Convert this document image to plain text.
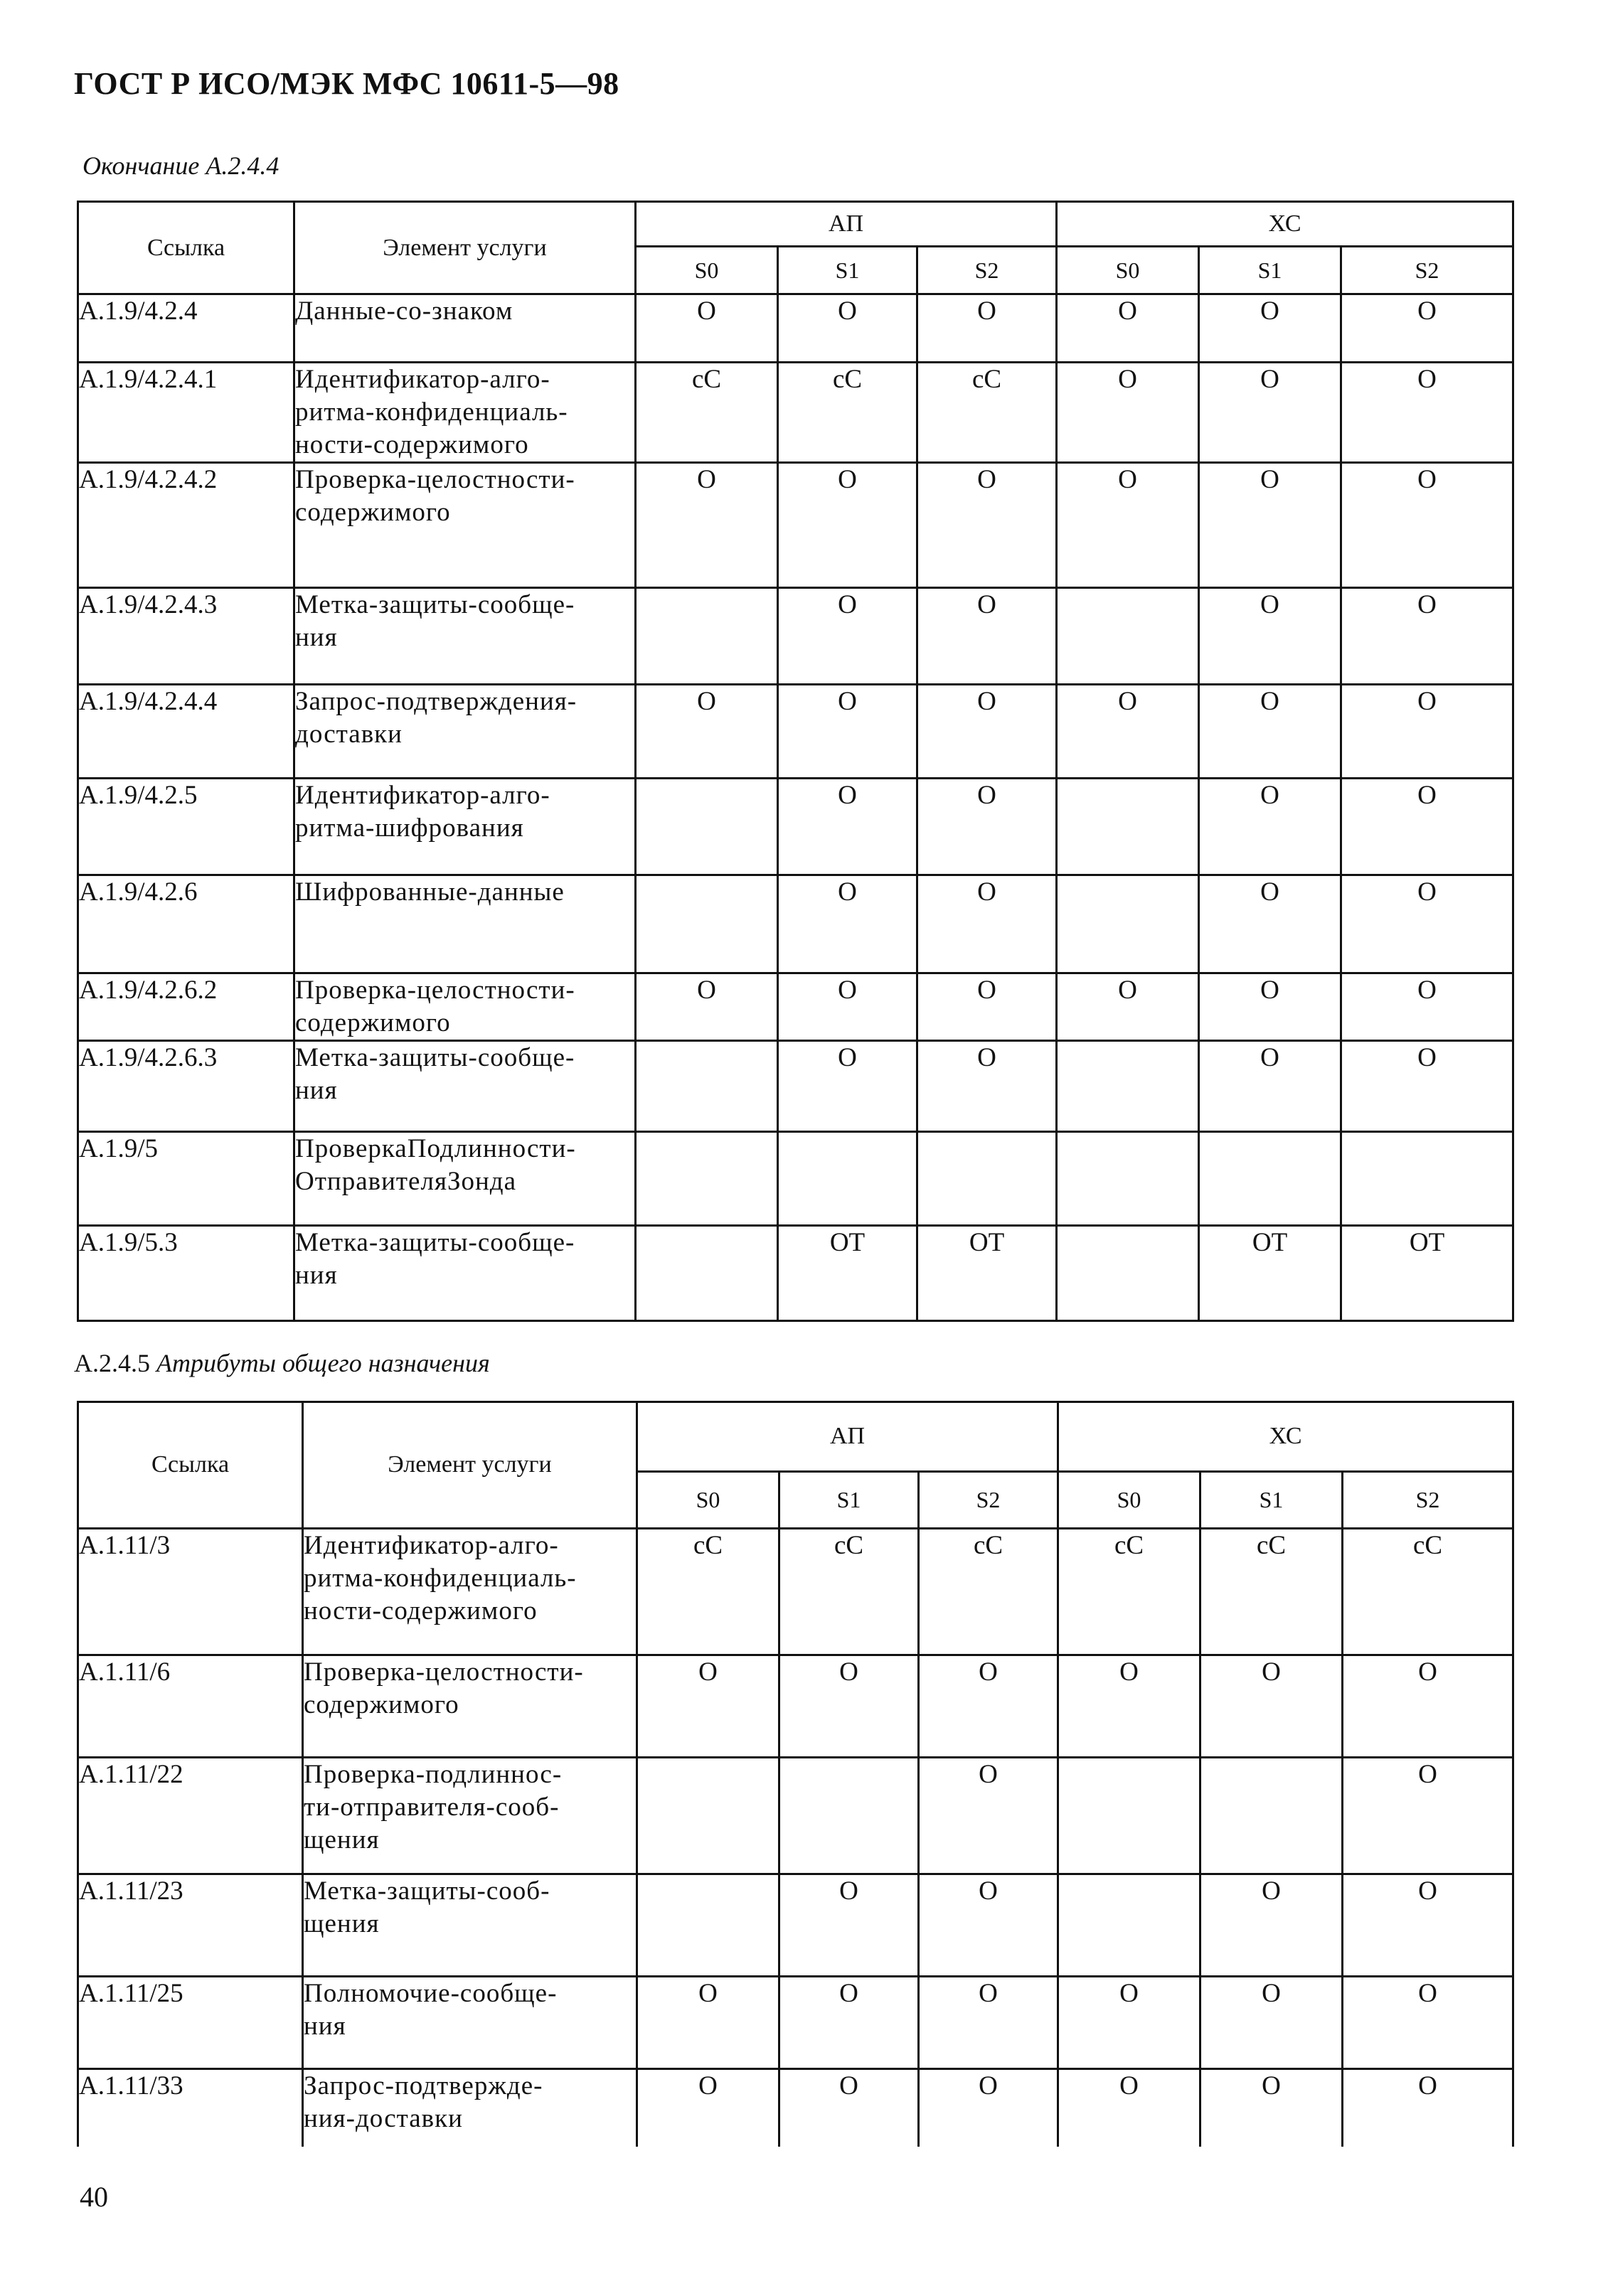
ГОСТ Р ИСО/МЭК МФС 10611-5—98
Окончание А.2.4.4
Ссылка	Элемент услуги	АП			ХС		
		S0	S1	S2	S0	S1	S2
А.1.9/4.2.4	Данные-со-знаком	O	O	O	O	O	O
А.1.9/4.2.4.1	Идентификатор-алго-
ритма-конфиденциаль-
ности-содержимого	cC	cC	cC	O	O	O
А.1.9/4.2.4.2	Проверка-целостности-
содержимого	O	O	O	O	O	O
А.1.9/4.2.4.3	Метка-защиты-сообще-
ния		O	O		O	O
А.1.9/4.2.4.4	Запрос-подтверждения-
доставки	O	O	O	O	O	O
А.1.9/4.2.5	Идентификатор-алго-
ритма-шифрования		O	O		O	O
А.1.9/4.2.6	Шифрованные-данные		O	O		O	O
А.1.9/4.2.6.2	Проверка-целостности-
содержимого	O	O	O	O	O	O
А.1.9/4.2.6.3	Метка-защиты-сообще-
ния		O	O		O	O
А.1.9/5	ПроверкаПодлинности-
ОтправителяЗонда						

А.1.9/5.3	Метка-защиты-сообще-
ния		OT	OT		OT	OT
А.2.4.5 Атрибуты общего назначения
Ссылка	Элемент услуги	АП			ХС		
		S0	S1	S2	S0	S1	S2
А.1.11/3	Идентификатор-алго-
ритма-конфиденциаль-
ности-содержимого	cC	cC	cC	cC	cC	cC
А.1.11/6	Проверка-целостности-
содержимого	O	O	O	O	O	O
А.1.11/22	Проверка-подлиннос-
ти-отправителя-сооб-
щения			O			O
А.1.11/23	Метка-защиты-сооб-
щения		O	O		O	O
А.1.11/25	Полномочие-сообще-
ния	O	O	O	O	O	O
А.1.11/33	Запрос-подтвержде-
ния-доставки	O	O	O	O	O	O
40
